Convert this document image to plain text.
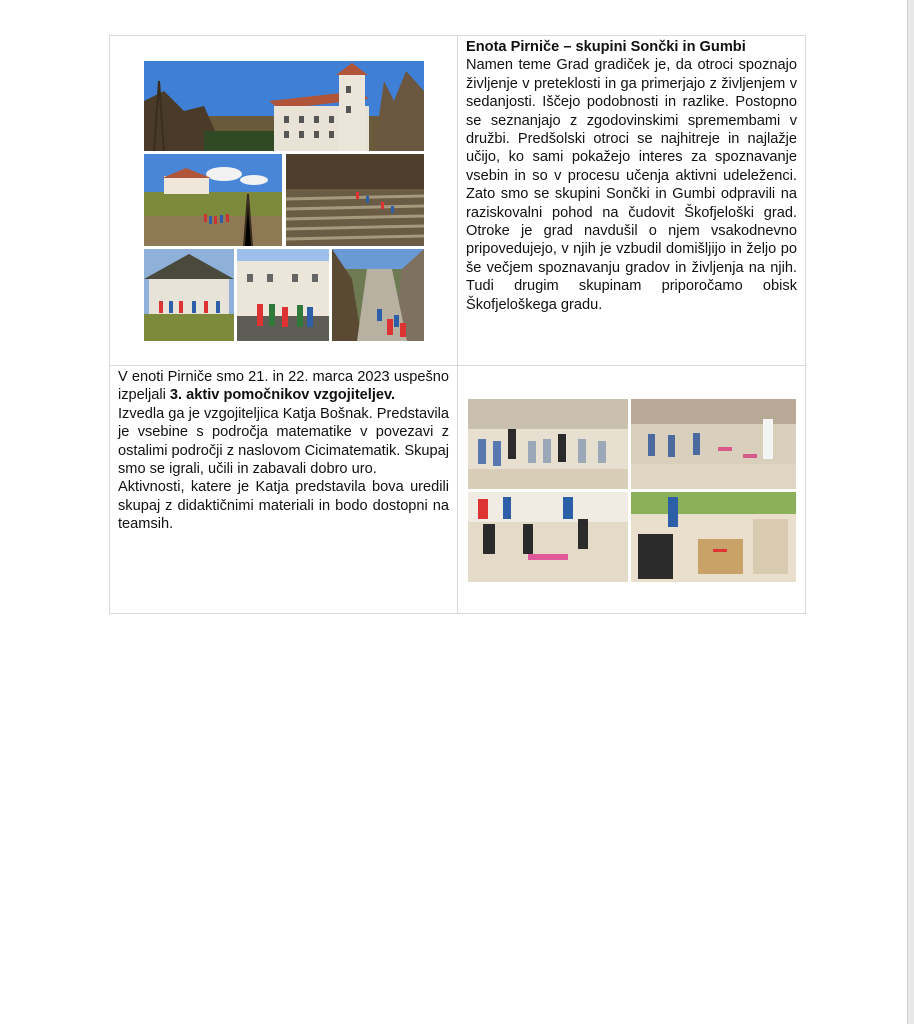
Enota Pirniče – skupini Sončki in Gumbi

Namen teme Grad gradiček je, da otroci spoznajo življenje v preteklosti in ga primerjajo z življenjem v sedanjosti. Iščejo podobnosti in razlike. Postopno se seznanjajo z zgodovinskimi spremembami v družbi. Predšolski otroci se najhitreje in najlažje učijo, ko sami pokažejo interes za spoznavanje vsebin in so v procesu učenja aktivni udeleženci. Zato smo se skupini Sončki in Gumbi odpravili na raziskovalni pohod na čudovit Škofjeloški grad. Otroke je grad navdušil o njem vsakodnevno pripovedujejo, v njih je vzbudil domišljijo in željo po še večjem spoznavanju gradov in življenja na njih. Tudi drugim skupinam priporočamo obisk Škofjeloškega gradu.

V enoti Pirniče smo 21. in 22. marca 2023 uspešno izpeljali 3. aktiv pomočnikov vzgojiteljev.

Izvedla ga je vzgojiteljica Katja Bošnak. Predstavila je vsebine s področja matematike v povezavi z ostalimi področji z naslovom Cicimatematik. Skupaj smo se igrali, učili in zabavali dobro uro.

Aktivnosti, katere je Katja predstavila bova uredili skupaj z didaktičnimi materiali in bodo dostopni na teamsih.
